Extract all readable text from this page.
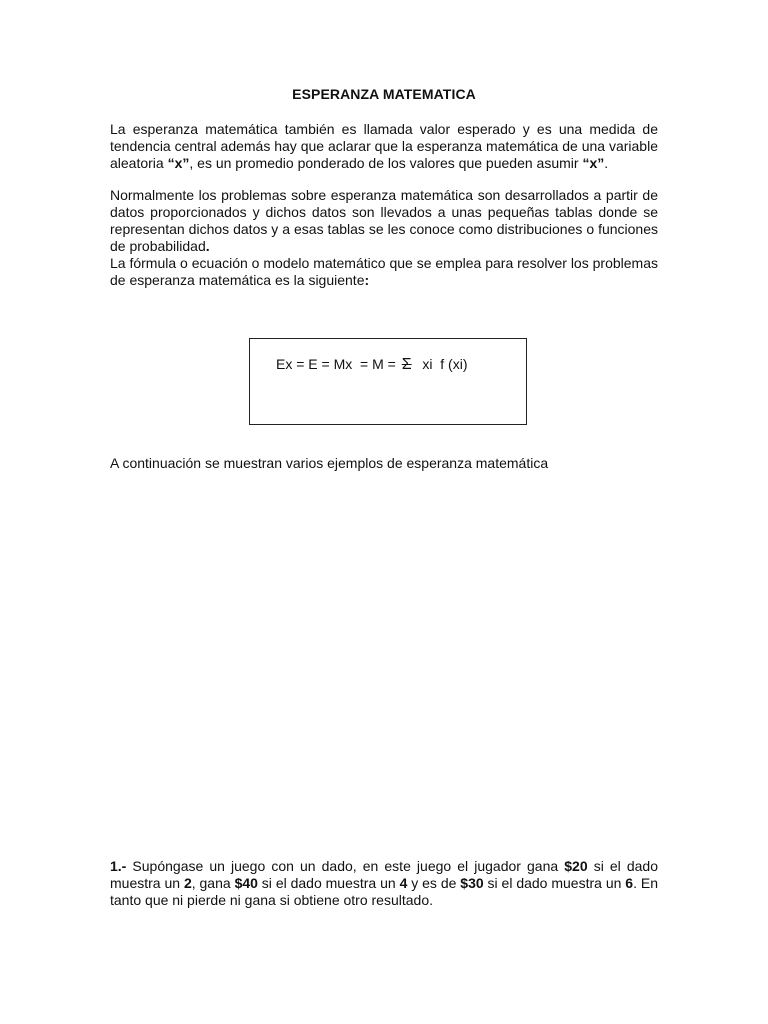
ESPERANZA MATEMATICA
La esperanza matemática también es llamada valor esperado y es una medida de tendencia central además hay que aclarar que la esperanza matemática de una variable aleatoria “x”, es un promedio ponderado de los valores que pueden asumir “x”.
Normalmente los problemas sobre esperanza matemática son desarrollados a partir de datos proporcionados y dichos datos son llevados a unas pequeñas tablas donde se representan dichos datos y a esas tablas se les conoce como distribuciones o funciones de probabilidad.
La fórmula o ecuación o modelo matemático que se emplea para resolver los problemas de esperanza matemática es la siguiente:
Ex = E = Mx  = M = Σ  xi  f (xi)
A continuación se muestran varios ejemplos de esperanza matemática
1.- Supóngase un juego con un dado, en este juego el jugador gana $20 si el dado muestra un 2, gana $40 si el dado muestra un 4 y es de $30 si el dado muestra un 6. En tanto que ni pierde ni gana si obtiene otro resultado.
